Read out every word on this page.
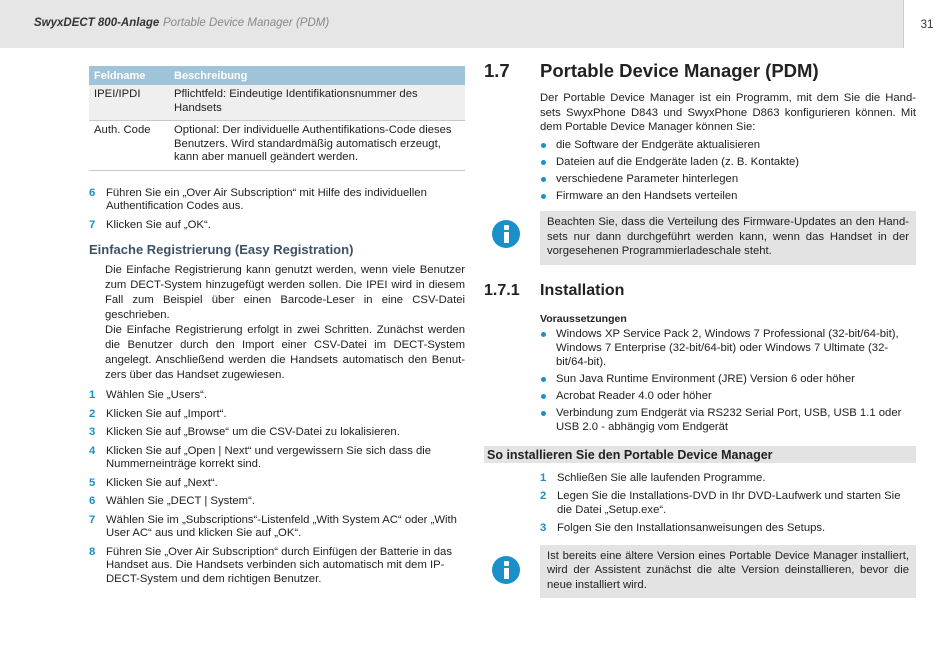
SwyxDECT 800-Anlage Portable Device Manager (PDM)	31
Feldname	Beschreibung
IPEI/IPDI	Pflichtfeld: Eindeutige Identifikationsnummer des Handsets
Auth. Code	Optional: Der individuelle Authentifikations-Code dieses Benutzers. Wird standardmäßig automatisch erzeugt, kann aber manuell geändert werden.
6 Führen Sie ein „Over Air Subscription“ mit Hilfe des individuellen Authentification Codes aus.
7 Klicken Sie auf „OK“.
Einfache Registrierung (Easy Registration)

Die Einfache Registrierung kann genutzt werden, wenn viele Benutzer zum DECT-System hinzugefügt werden sollen. Die IPEI wird in diesem Fall zum Beispiel über einen Barcode-Leser in eine CSV-Datei geschrieben.

Die Einfache Registrierung erfolgt in zwei Schritten. Zunächst werden die Benutzer durch den Import einer CSV-Datei im DECT-System angelegt. Anschließend werden die Handsets automatisch den Benut-zers über das Handset zugewiesen.

1 Wählen Sie „Users“.
2 Klicken Sie auf „Import“.
3 Klicken Sie auf „Browse“ um die CSV-Datei zu lokalisieren.
4 Klicken Sie auf „Open | Next“ und vergewissern Sie sich dass die Nummerneinträge korrekt sind.
5 Klicken Sie auf „Next“.
6 Wählen Sie „DECT | System“.
7 Wählen Sie im „Subscriptions“-Listenfeld „With System AC“ oder „With User AC“ aus und klicken Sie auf „OK“.
8 Führen Sie „Over Air Subscription“ durch Einfügen der Batterie in das Handset aus. Die Handsets verbinden sich automatisch mit dem IP-DECT-System und dem richtigen Benutzer.
1.7	Portable Device Manager (PDM)

Der Portable Device Manager ist ein Programm, mit dem Sie die Hand-sets SwyxPhone D843 und SwyxPhone D863 konfigurieren können. Mit dem Portable Device Manager können Sie:

die Software der Endgeräte aktualisieren
Dateien auf die Endgeräte laden (z. B. Kontakte)
verschiedene Parameter hinterlegen
Firmware an den Handsets verteilen
Beachten Sie, dass die Verteilung des Firmware-Updates an den Hand-sets nur dann durchgeführt werden kann, wenn das Handset in der vorgesehenen Programmierladeschale steht.
1.7.1	Installation
Voraussetzungen
Windows XP Service Pack 2, Windows 7 Professional (32-bit/64-bit), Windows 7 Enterprise (32-bit/64-bit) oder Windows 7 Ultimate (32-bit/64-bit).
Sun Java Runtime Environment (JRE) Version 6 oder höher
Acrobat Reader 4.0 oder höher
Verbindung zum Endgerät via RS232 Serial Port, USB, USB 1.1 oder USB 2.0 - abhängig vom Endgerät
So installieren Sie den Portable Device Manager
1 Schließen Sie alle laufenden Programme.
2 Legen Sie die Installations-DVD in Ihr DVD-Laufwerk und starten Sie die Datei „Setup.exe“.
3 Folgen Sie den Installationsanweisungen des Setups.
Ist bereits eine ältere Version eines Portable Device Manager installiert, wird der Assistent zunächst die alte Version deinstallieren, bevor die neue installiert wird.
